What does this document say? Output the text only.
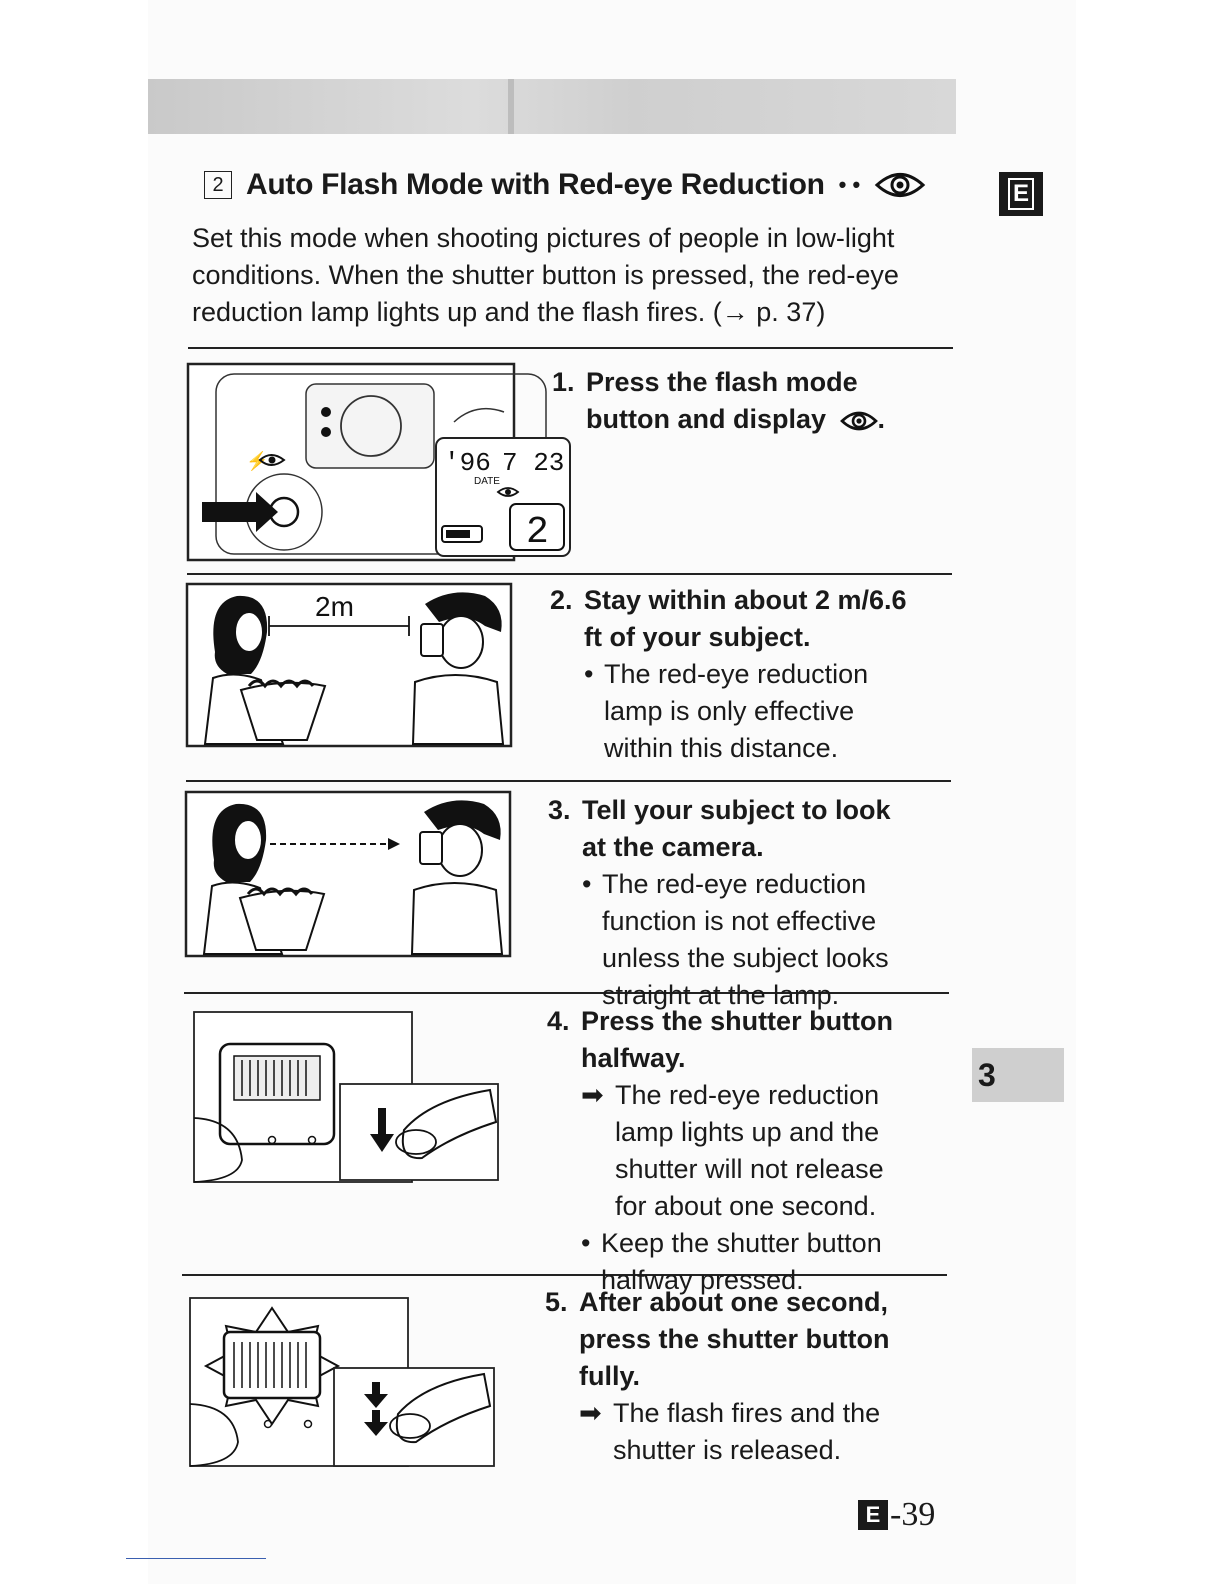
E
3
2 Auto Flash Mode with Red-eye Reduction • •
Set this mode when shooting pictures of people in low-light conditions. When the shutter button is pressed, the red-eye reduction lamp lights up and the flash fires. (→ p. 37)
1. Press the flash mode button and display .
2. Stay within about 2 m/6.6 ft of your subject.
• The red-eye reduction lamp is only effective within this distance.
3. Tell your subject to look at the camera.
• The red-eye reduction function is not effective unless the subject looks straight at the lamp.
4. Press the shutter button halfway.
➡ The red-eye reduction lamp lights up and the shutter will not release for about one second.
• Keep the shutter button halfway pressed.
5. After about one second, press the shutter button fully.
➡ The flash fires and the shutter is released.
⚡	'96 7 23
DATE
2
2m
E -39
